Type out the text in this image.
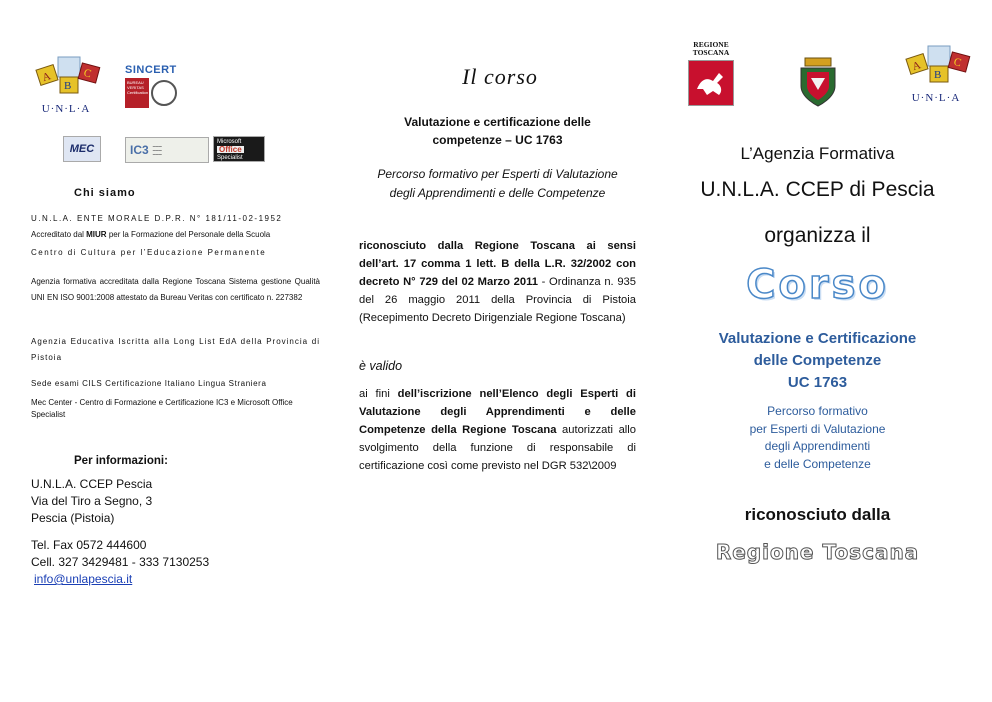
A
B
C
U·N·L·A
SINCERT
BUREAU VERITAS Certification
MEC	IC3 ▬▬▬
▬▬▬
▬▬▬
Microsoft
Office
Specialist
Chi siamo
U.N.L.A. ENTE MORALE D.P.R. N° 181/11-02-1952
Accreditato dal MIUR per la Formazione del Personale della Scuola
Centro di Cultura per l’Educazione Permanente
Agenzia formativa accreditata dalla Regione Toscana Sistema gestione Qualità UNI EN ISO 9001:2008 attestato da Bureau Veritas con certificato n. 227382
Agenzia Educativa Iscritta alla Long List EdA della Provincia di Pistoia
Sede esami CILS Certificazione Italiano Lingua Straniera
Mec Center - Centro di Formazione e Certificazione IC3 e Microsoft Office Specialist
Per informazioni:
U.N.L.A. CCEP Pescia
Via del Tiro a Segno, 3
Pescia (Pistoia)
Tel. Fax 0572 444600
Cell. 327 3429481 - 333 7130253
info@unlapescia.it
Il corso
Valutazione e certificazione delle competenze – UC 1763
Percorso formativo per Esperti di Valutazione degli Apprendimenti e delle Competenze
riconosciuto dalla Regione Toscana ai sensi dell’art. 17 comma 1 lett. B della L.R. 32/2002 con decreto N° 729 del 02 Marzo 2011 - Ordinanza n. 935 del 26 maggio 2011 della Provincia di Pistoia (Recepimento Decreto Dirigenziale Regione Toscana)
è valido
ai fini dell’iscrizione nell’Elenco degli Esperti di Valutazione degli Apprendimenti e delle Competenze della Regione Toscana autorizzati allo svolgimento della funzione di responsabile di certificazione così come previsto nel DGR 532\2009
REGIONE
TOSCANA
A
B
C
U·N·L·A
L’Agenzia Formativa
U.N.L.A. CCEP di Pescia
organizza il
Corso
Valutazione e Certificazione
delle Competenze
UC 1763
Percorso formativo
per Esperti di Valutazione
degli Apprendimenti
e delle Competenze
riconosciuto dalla
Regione Toscana
